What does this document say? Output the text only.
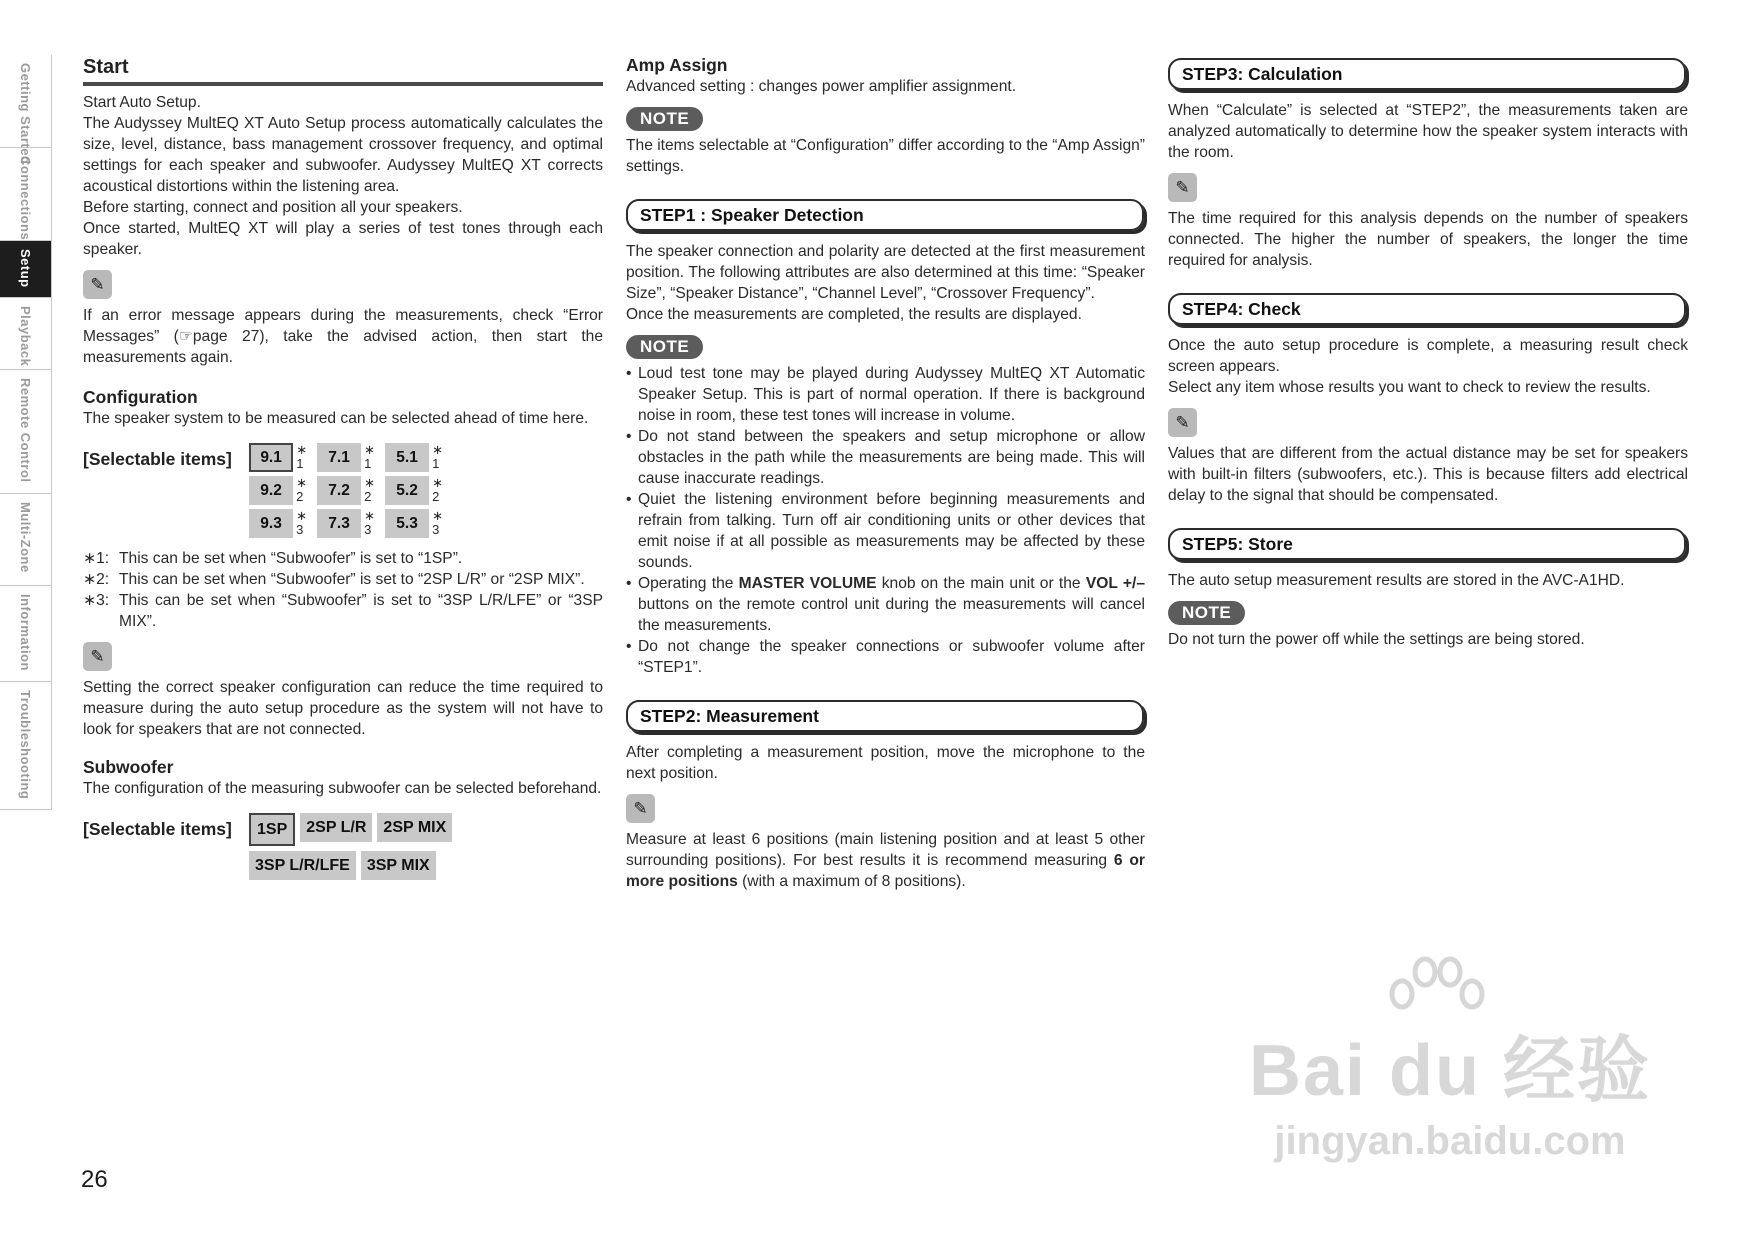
Getting Started
Connections
Setup
Playback
Remote Control
Multi-Zone
Information
Troubleshooting
Start

Start Auto Setup.

The Audyssey MultEQ XT Auto Setup process automatically calculates the size, level, distance, bass management crossover frequency, and optimal settings for each speaker and subwoofer. Audyssey MultEQ XT corrects acoustical distortions within the listening area.

Before starting, connect and position all your speakers.

Once started, MultEQ XT will play a series of test tones through each speaker.

✎

If an error message appears during the measurements, check “Error Messages” (☞page 27), take the advised action, then start the measurements again.

Configuration

The speaker system to be measured can be selected ahead of time here.

[Selectable items]	9.1	∗ 1	7.1	∗ 1	5.1	∗ 1
9.2	∗ 2	7.2	∗ 2	5.2	∗ 2
9.3	∗ 3	7.3	∗ 3	5.3	∗ 3
∗1: This can be set when “Subwoofer” is set to “1SP”.
∗2: This can be set when “Subwoofer” is set to “2SP L/R” or “2SP MIX”.
∗3: This can be set when “Subwoofer” is set to “3SP L/R/LFE” or “3SP MIX”.
✎

Setting the correct speaker configuration can reduce the time required to measure during the auto setup procedure as the system will not have to look for speakers that are not connected.

Subwoofer

The configuration of the measuring subwoofer can be selected beforehand.

[Selectable items]	1SP	2SP L/R	2SP MIX
3SP L/R/LFE	3SP MIX
Amp Assign

Advanced setting : changes power amplifier assignment.

NOTE

The items selectable at “Configuration” differ according to the “Amp Assign” settings.

STEP1 : Speaker Detection

The speaker connection and polarity are detected at the first measurement position. The following attributes are also determined at this time: “Speaker Size”, “Speaker Distance”, “Channel Level”, “Crossover Frequency”.

Once the measurements are completed, the results are displayed.

NOTE
• Loud test tone may be played during Audyssey MultEQ XT Automatic Speaker Setup. This is part of normal operation. If there is background noise in room, these test tones will increase in volume.
• Do not stand between the speakers and setup microphone or allow obstacles in the path while the measurements are being made. This will cause inaccurate readings.
• Quiet the listening environment before beginning measurements and refrain from talking. Turn off air conditioning units or other devices that emit noise if at all possible as measurements may be affected by these sounds.
• Operating the MASTER VOLUME knob on the main unit or the VOL +/– buttons on the remote control unit during the measurements will cancel the measurements.
• Do not change the speaker connections or subwoofer volume after “STEP1”.
STEP2: Measurement

After completing a measurement position, move the microphone to the next position.

✎

Measure at least 6 positions (main listening position and at least 5 other surrounding positions). For best results it is recommend measuring 6 or more positions (with a maximum of 8 positions).

STEP3: Calculation

When “Calculate” is selected at “STEP2”, the measurements taken are analyzed automatically to determine how the speaker system interacts with the room.

✎

The time required for this analysis depends on the number of speakers connected. The higher the number of speakers, the longer the time required for analysis.

STEP4: Check

Once the auto setup procedure is complete, a measuring result check screen appears.

Select any item whose results you want to check to review the results.

✎

Values that are different from the actual distance may be set for speakers with built-in filters (subwoofers, etc.). This is because filters add electrical delay to the signal that should be compensated.

STEP5: Store

The auto setup measurement results are stored in the AVC-A1HD.

NOTE

Do not turn the power off while the settings are being stored.

26
Bai du 经验
jingyan.baidu.com
